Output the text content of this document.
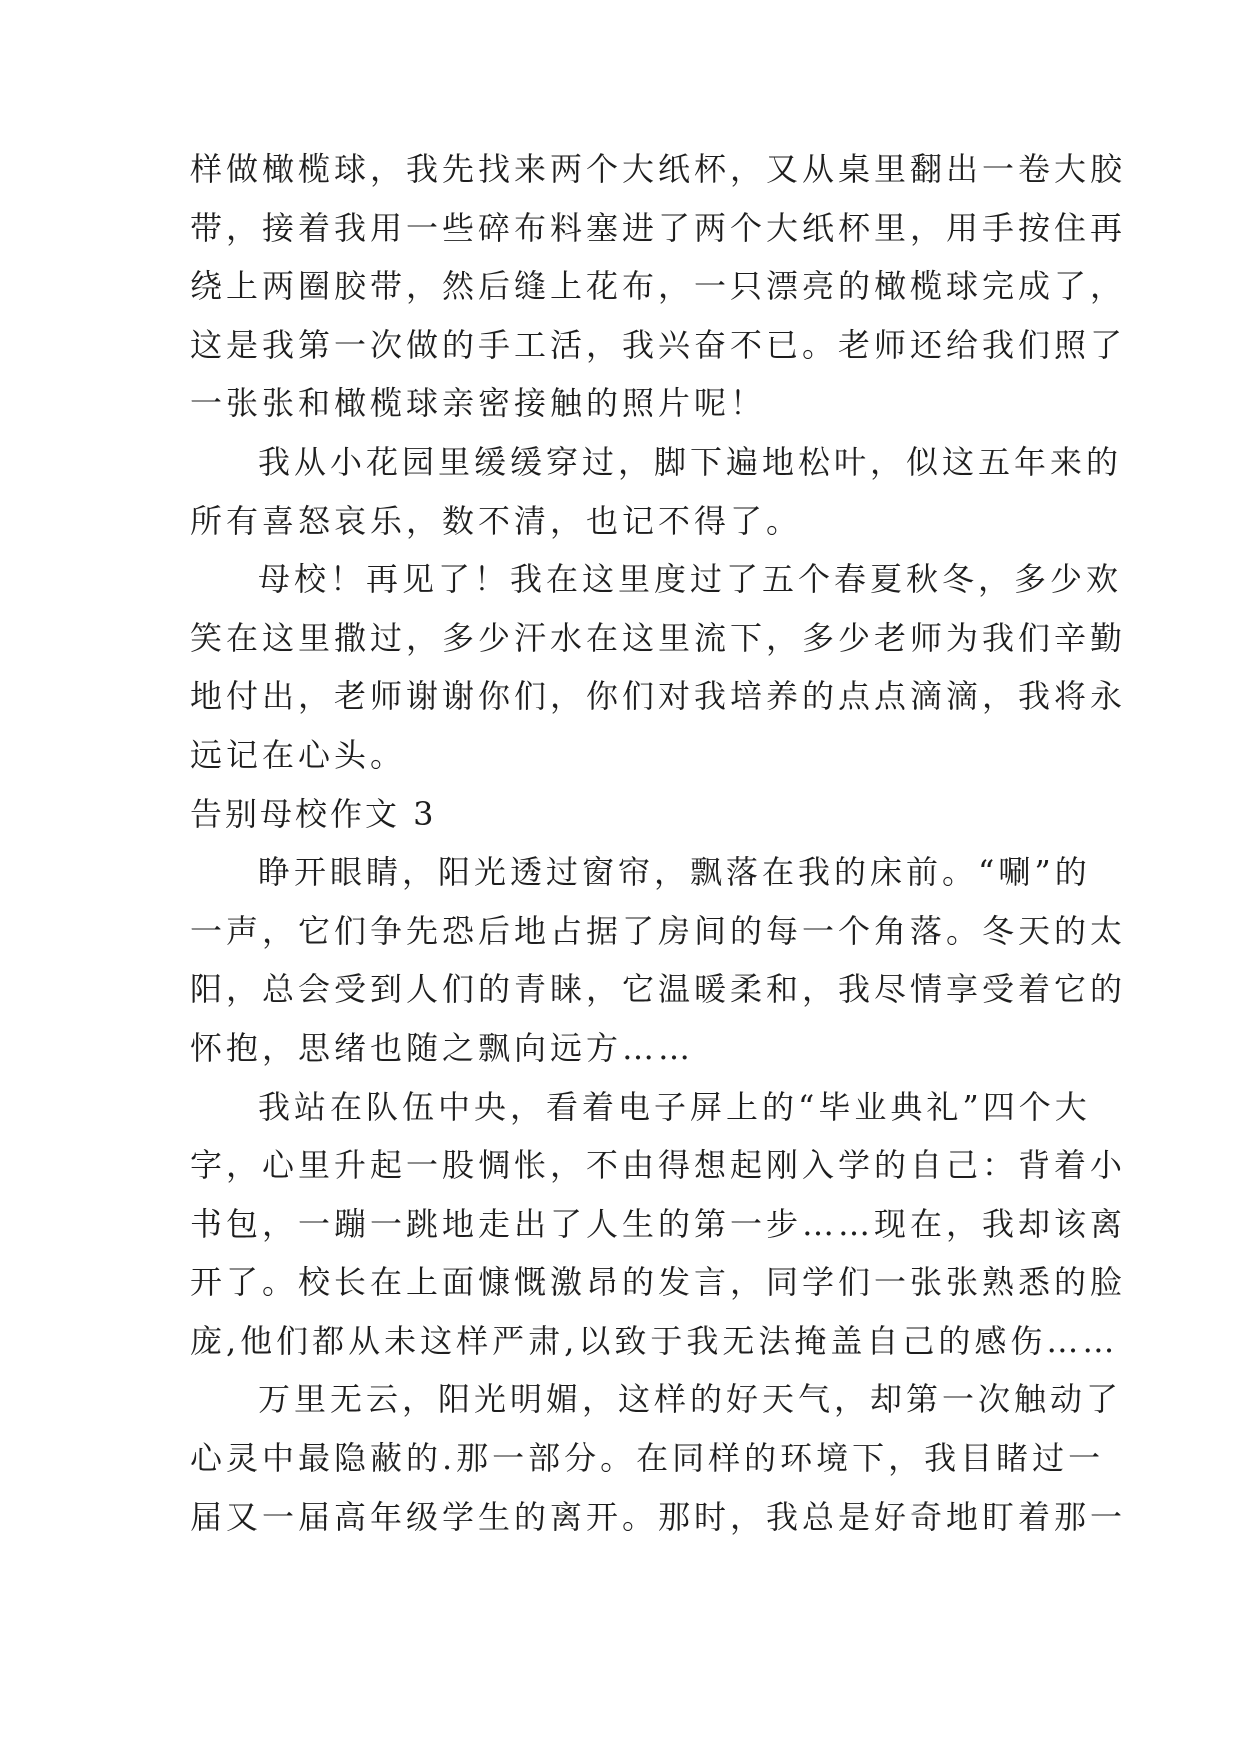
样做橄榄球，我先找来两个大纸杯，又从桌里翻出一卷大胶
带，接着我用一些碎布料塞进了两个大纸杯里，用手按住再
绕上两圈胶带，然后缝上花布，一只漂亮的橄榄球完成了，
这是我第一次做的手工活，我兴奋不已。老师还给我们照了
一张张和橄榄球亲密接触的照片呢！
我从小花园里缓缓穿过，脚下遍地松叶，似这五年来的
所有喜怒哀乐，数不清，也记不得了。
母校！再见了！我在这里度过了五个春夏秋冬，多少欢
笑在这里撒过，多少汗水在这里流下，多少老师为我们辛勤
地付出，老师谢谢你们，你们对我培养的点点滴滴，我将永
远记在心头。
告别母校作文 3
睁开眼睛，阳光透过窗帘，飘落在我的床前。“唰”的
一声，它们争先恐后地占据了房间的每一个角落。冬天的太
阳，总会受到人们的青睐，它温暖柔和，我尽情享受着它的
怀抱，思绪也随之飘向远方……
我站在队伍中央，看着电子屏上的“毕业典礼”四个大
字，心里升起一股惆怅，不由得想起刚入学的自己：背着小
书包，一蹦一跳地走出了人生的第一步……现在，我却该离
开了。校长在上面慷慨激昂的发言，同学们一张张熟悉的脸
庞,他们都从未这样严肃,以致于我无法掩盖自己的感伤……
万里无云，阳光明媚，这样的好天气，却第一次触动了
心灵中最隐蔽的.那一部分。在同样的环境下，我目睹过一
届又一届高年级学生的离开。那时，我总是好奇地盯着那一
